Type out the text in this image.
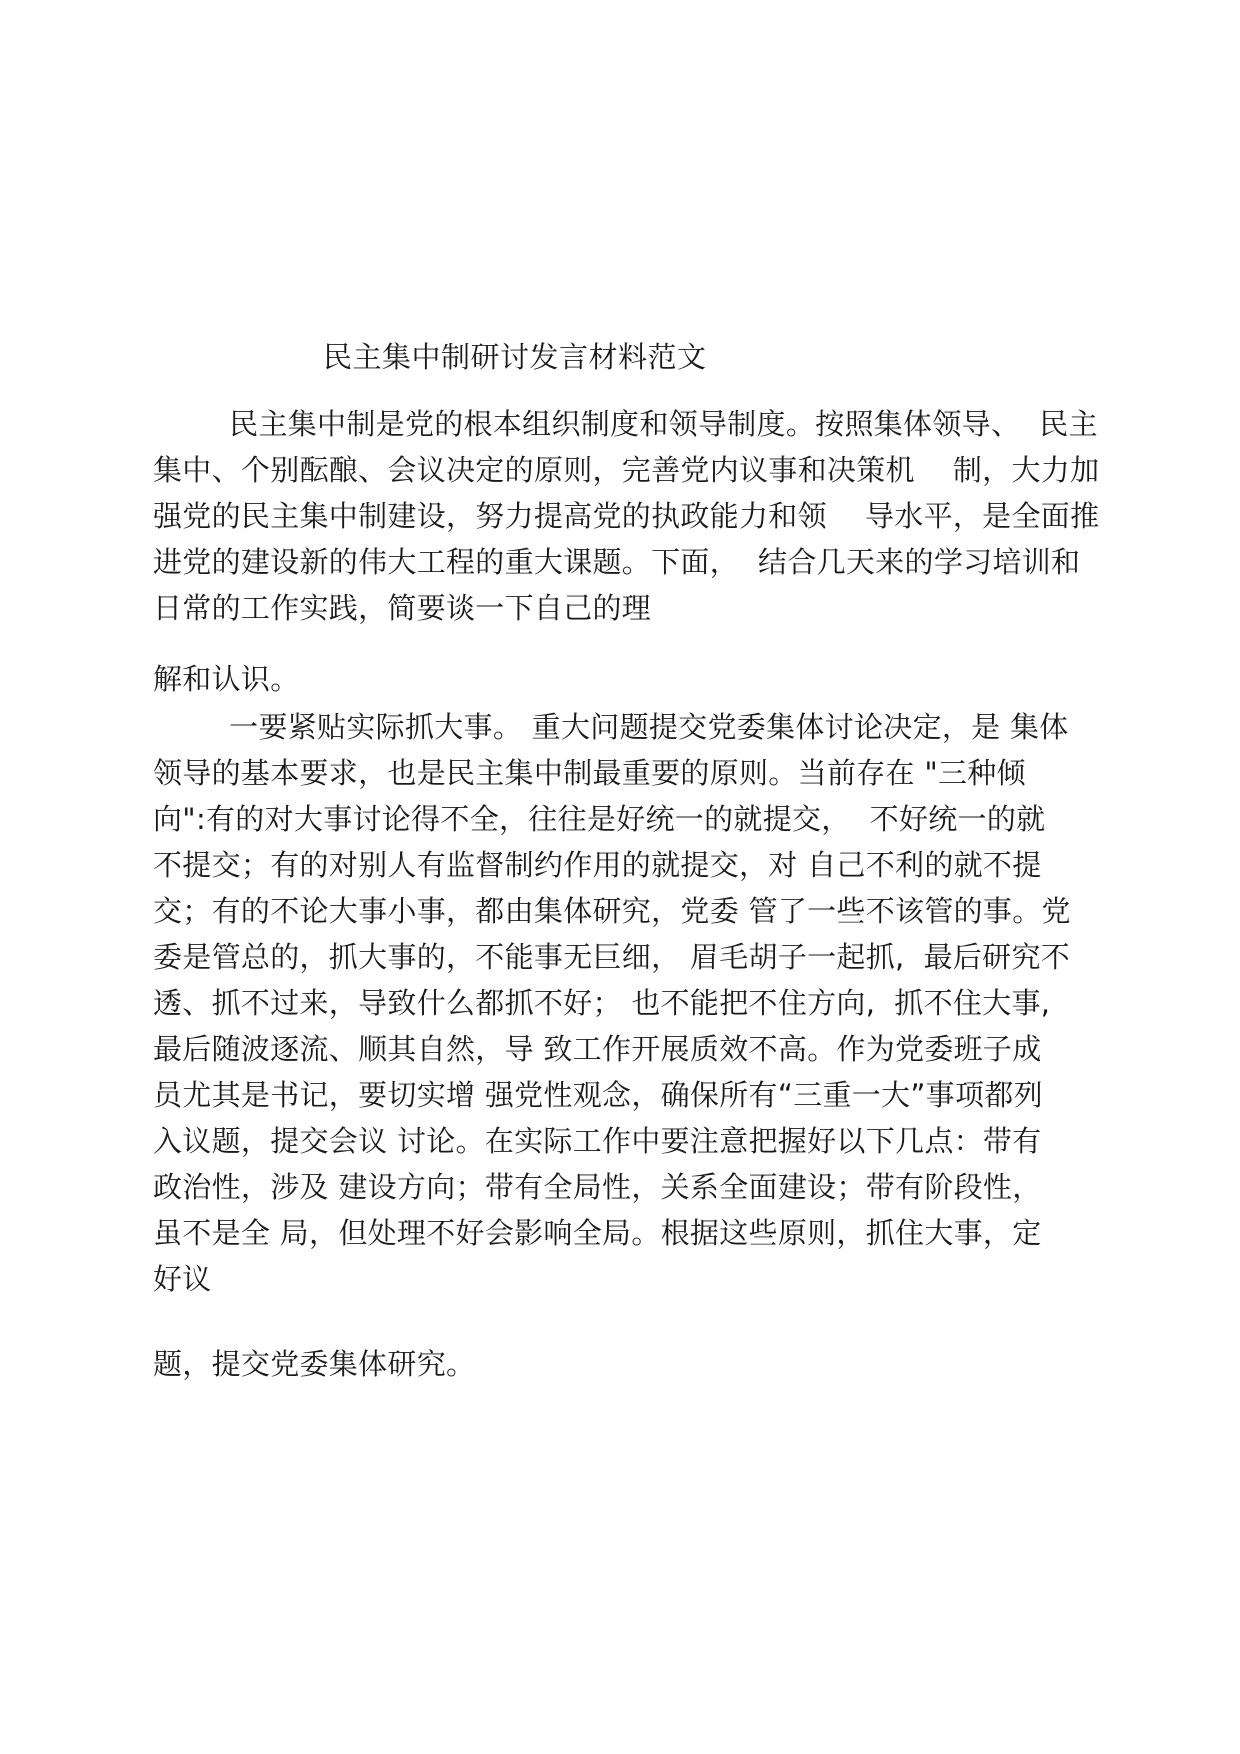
民主集中制研讨发言材料范文
民主集中制是党的根本组织制度和领导制度。按照集体领导、  民主
集中、个别酝酿、会议决定的原则，完善党内议事和决策机    制，大力加
强党的民主集中制建设，努力提高党的执政能力和领    导水平，是全面推
进党的建设新的伟大工程的重大课题。下面，  结合几天来的学习培训和
日常的工作实践，简要谈一下自己的理
解和认识。
一要紧贴实际抓大事。 重大问题提交党委集体讨论决定，是 集体
领导的基本要求，也是民主集中制最重要的原则。当前存在 "三种倾
向":有的对大事讨论得不全，往往是好统一的就提交，  不好统一的就
不提交；有的对别人有监督制约作用的就提交，对 自己不利的就不提
交；有的不论大事小事，都由集体研究，党委 管了一些不该管的事。党
委是管总的，抓大事的，不能事无巨细， 眉毛胡子一起抓,  最后研究不
透、抓不过来，导致什么都抓不好； 也不能把不住方向,  抓不住大事,
最后随波逐流、顺其自然，导 致工作开展质效不高。作为党委班子成
员尤其是书记，要切实增 强党性观念，确保所有“三重一大”事项都列
入议题，提交会议 讨论。在实际工作中要注意把握好以下几点：带有
政治性，涉及 建设方向；带有全局性，关系全面建设；带有阶段性，
虽不是全 局，但处理不好会影响全局。根据这些原则，抓住大事，定
好议
题，提交党委集体研究。
